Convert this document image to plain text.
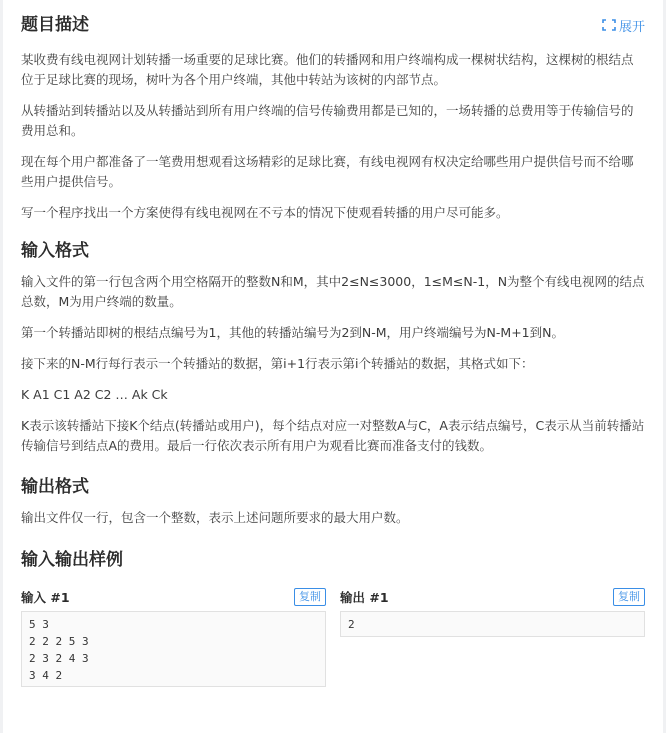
题目描述	展开

某收费有线电视网计划转播一场重要的足球比赛。他们的转播网和用户终端构成一棵树状结构，这棵树的根结点位于足球比赛的现场，树叶为各个用户终端，其他中转站为该树的内部节点。

从转播站到转播站以及从转播站到所有用户终端的信号传输费用都是已知的，一场转播的总费用等于传输信号的费用总和。

现在每个用户都准备了一笔费用想观看这场精彩的足球比赛，有线电视网有权决定给哪些用户提供信号而不给哪些用户提供信号。

写一个程序找出一个方案使得有线电视网在不亏本的情况下使观看转播的用户尽可能多。

输入格式

输入文件的第一行包含两个用空格隔开的整数N和M，其中2≤N≤3000，1≤M≤N-1，N为整个有线电视网的结点总数，M为用户终端的数量。

第一个转播站即树的根结点编号为1，其他的转播站编号为2到N-M，用户终端编号为N-M+1到N。

接下来的N-M行每行表示一个转播站的数据，第i+1行表示第i个转播站的数据，其格式如下：

K A1 C1 A2 C2 … Ak Ck

K表示该转播站下接K个结点(转播站或用户)，每个结点对应一对整数A与C，A表示结点编号，C表示从当前转播站传输信号到结点A的费用。最后一行依次表示所有用户为观看比赛而准备支付的钱数。

输出格式

输出文件仅一行，包含一个整数，表示上述问题所要求的最大用户数。

输入输出样例
输入 #1	复制
5 3
2 2 2 5 3
2 3 2 4 3
3 4 2
输出 #1	复制
2
